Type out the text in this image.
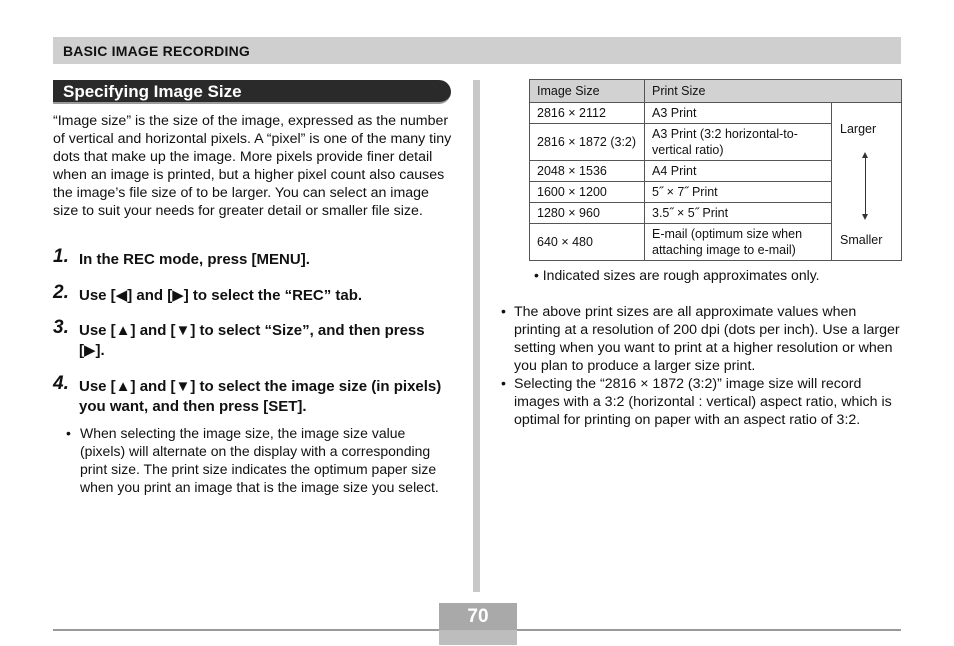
BASIC IMAGE RECORDING
Specifying Image Size

“Image size” is the size of the image, expressed as the number of vertical and horizontal pixels. A “pixel” is one of the many tiny dots that make up the image. More pixels provide finer detail when an image is printed, but a higher pixel count also causes the image’s file size of to be larger. You can select an image size to suit your needs for greater detail or smaller file size.

1. In the REC mode, press [MENU].
2. Use [◀] and [▶] to select the “REC” tab.
3. Use [▲] and [▼] to select “Size”, and then press [▶].
4. Use [▲] and [▼] to select the image size (in pixels) you want, and then press [SET].
• When selecting the image size, the image size value (pixels) will alternate on the display with a corresponding print size. The print size indicates the optimum paper size when you print an image that is the image size you select.
Image Size	Print Size	
2816 × 2112	A3 Print	Larger
Smaller

2816 × 1872 (3:2)	A3 Print (3:2 horizontal-to-vertical ratio)	
2048 × 1536	A4 Print	
1600 × 1200	5˝ × 7˝ Print	
1280 × 960	3.5˝ × 5˝ Print	
640 × 480	E-mail (optimum size when attaching image to e-mail)	
• Indicated sizes are rough approximates only.
• The above print sizes are all approximate values when printing at a resolution of 200 dpi (dots per inch). Use a larger setting when you want to print at a higher resolution or when you plan to produce a larger size print.
• Selecting the “2816 × 1872 (3:2)” image size will record images with a 3:2 (horizontal : vertical) aspect ratio, which is optimal for printing on paper with an aspect ratio of 3:2.
70
